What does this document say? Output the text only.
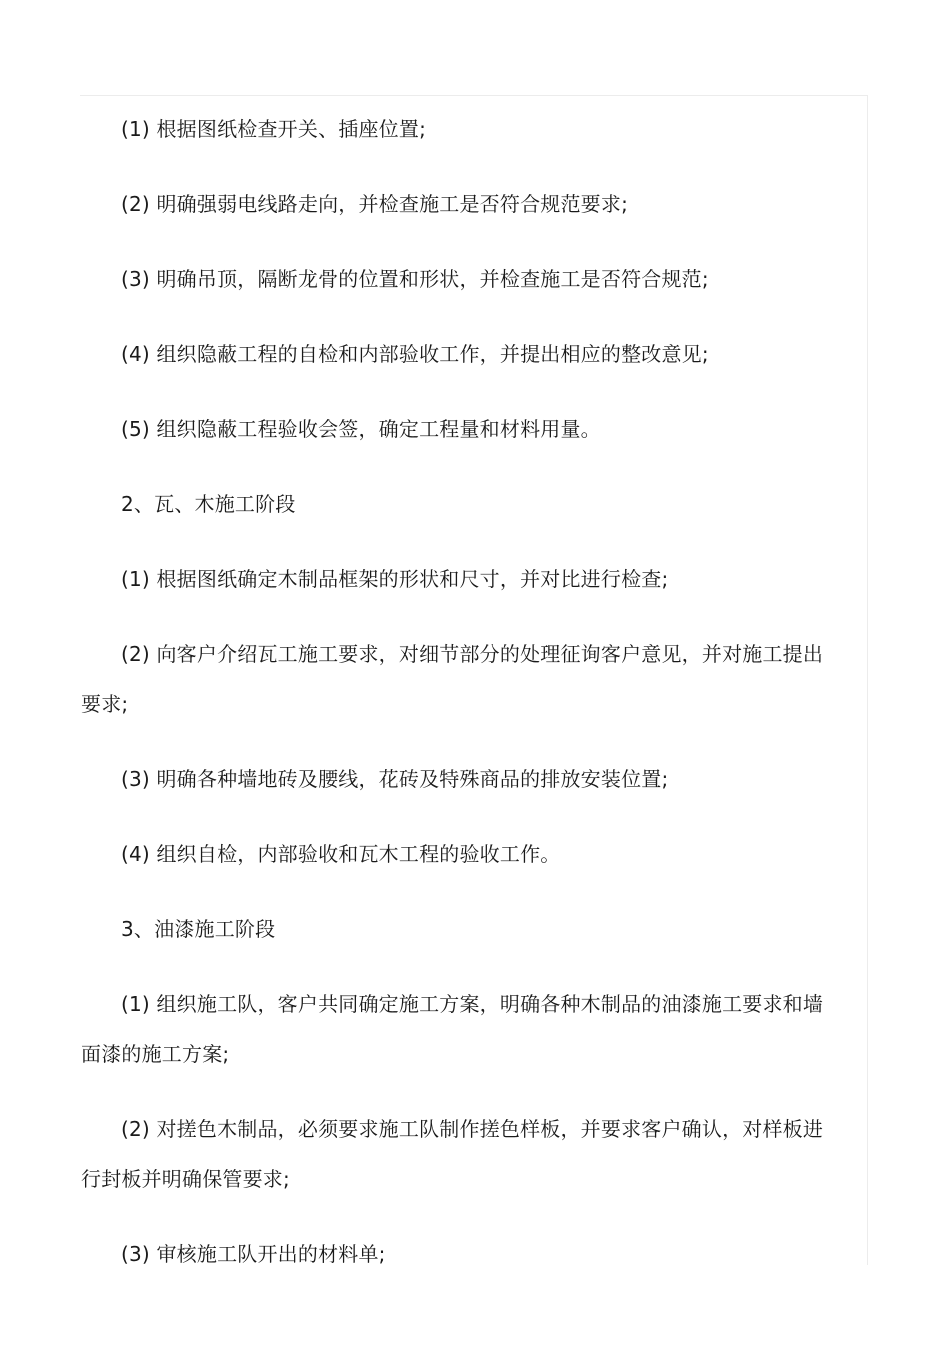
(1) 根据图纸检查开关、插座位置;

(2) 明确强弱电线路走向，并检查施工是否符合规范要求;

(3) 明确吊顶，隔断龙骨的位置和形状，并检查施工是否符合规范;

(4) 组织隐蔽工程的自检和内部验收工作，并提出相应的整改意见;

(5) 组织隐蔽工程验收会签，确定工程量和材料用量。

2、瓦、木施工阶段

(1) 根据图纸确定木制品框架的形状和尺寸，并对比进行检查;

(2) 向客户介绍瓦工施工要求，对细节部分的处理征询客户意见，并对施工提出要求;

(3) 明确各种墙地砖及腰线，花砖及特殊商品的排放安装位置;

(4) 组织自检，内部验收和瓦木工程的验收工作。

3、油漆施工阶段

(1) 组织施工队，客户共同确定施工方案，明确各种木制品的油漆施工要求和墙面漆的施工方案;

(2) 对搓色木制品，必须要求施工队制作搓色样板，并要求客户确认，对样板进行封板并明确保管要求;

(3) 审核施工队开出的材料单;
